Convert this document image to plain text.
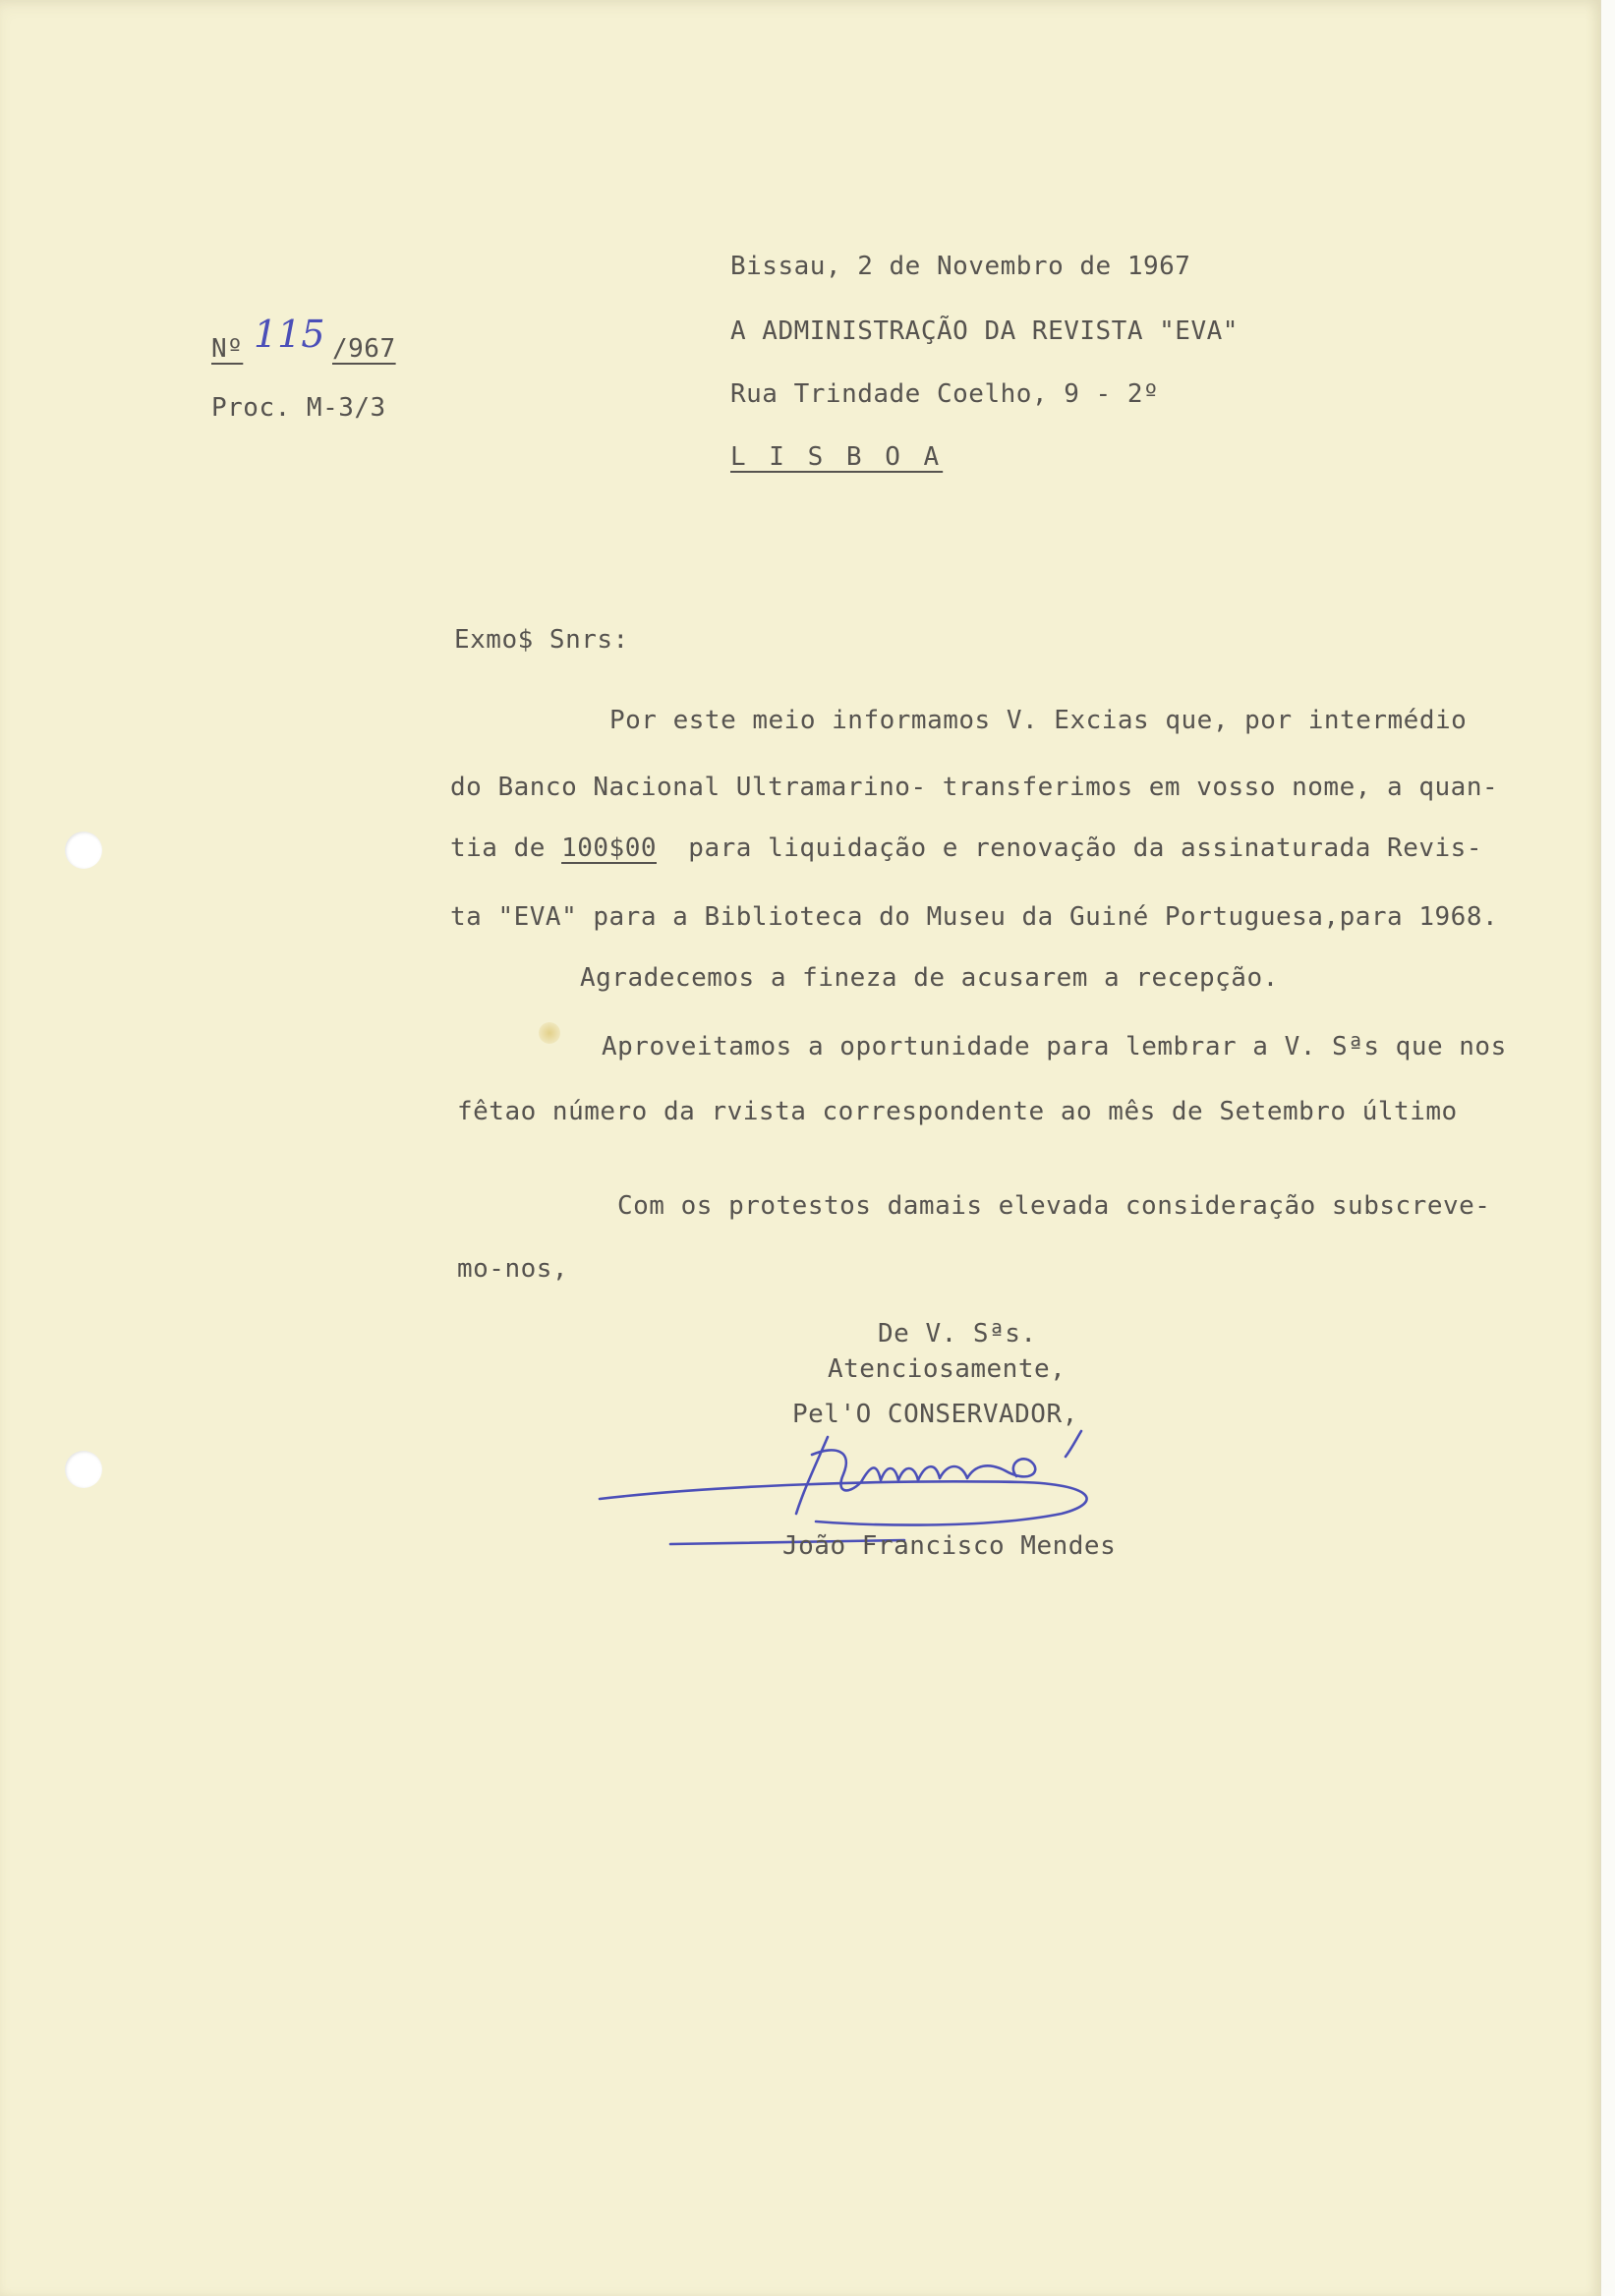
Nº 115 /967
Proc. M-3/3
Bissau, 2 de Novembro de 1967
A ADMINISTRAÇÃO DA REVISTA "EVA"
Rua Trindade Coelho, 9 - 2º
L I S B O A
Exmo$ Snrs:
Por este meio informamos V. Excias que, por intermédio
do Banco Nacional Ultramarino- transferimos em vosso nome, a quan-
tia de 100$00  para liquidação e renovação da assinaturada Revis-
ta "EVA" para a Biblioteca do Museu da Guiné Portuguesa,para 1968.
Agradecemos a fineza de acusarem a recepção.
Aproveitamos a oportunidade para lembrar a V. Sªs que nos
fêtao número da rvista correspondente ao mês de Setembro último
Com os protestos damais elevada consideração subscreve-
mo-nos,
De V. Sªs.
Atenciosamente,
Pel'O CONSERVADOR,
João Francisco Mendes
